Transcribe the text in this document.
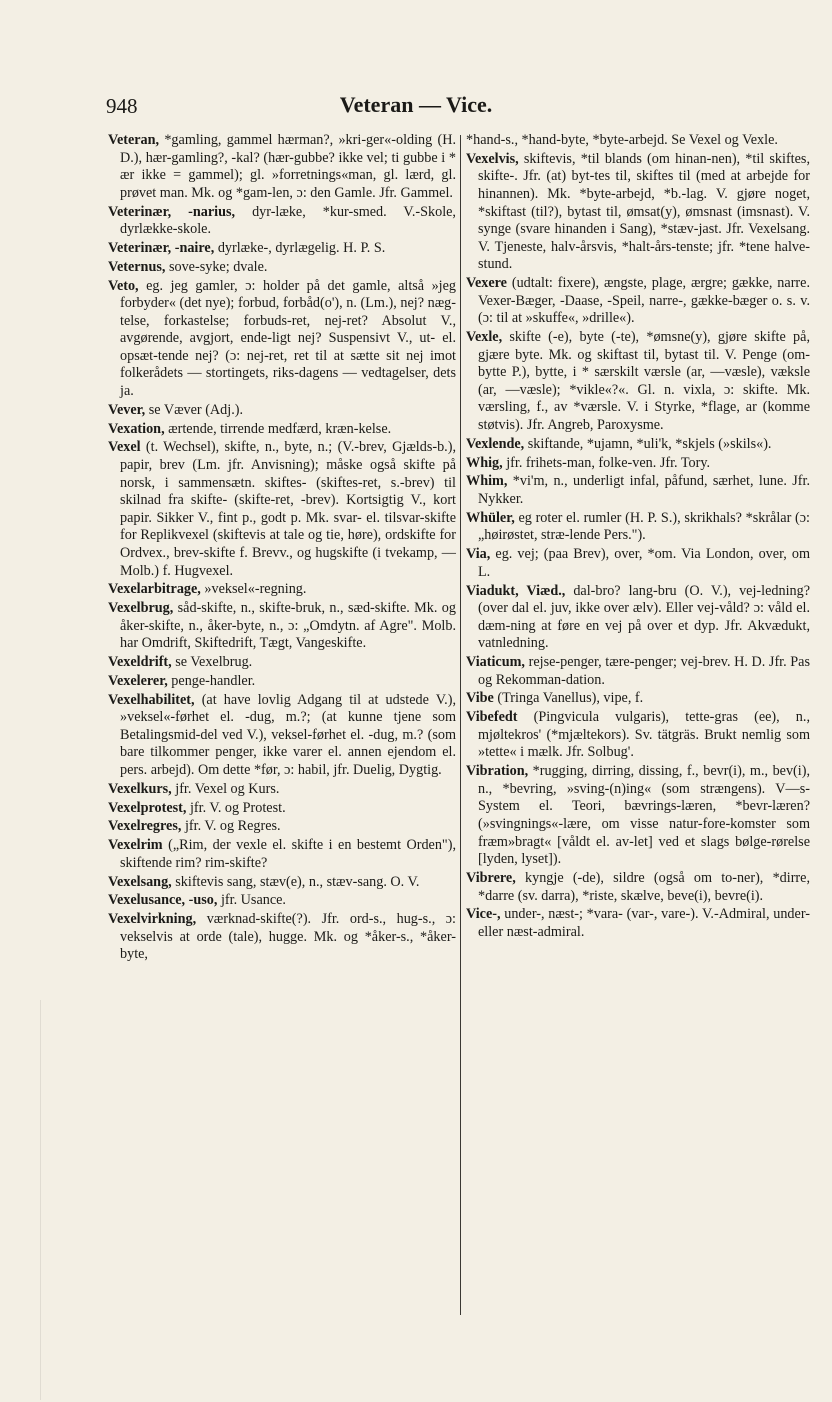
948	Veteran — Vice.

Veteran, *gamling, gammel hærman?, »kri-ger«-olding (H. D.), hær-gamling?, -kal? (hær-gubbe? ikke vel; ti gubbe i * ær ikke = gammel); gl. »forretnings«man, gl. lærd, gl. prøvet man. Mk. og *gam-len, ɔ: den Gamle. Jfr. Gammel.

Veterinær, -narius, dyr-læke, *kur-smed. V.-Skole, dyrlække-skole.

Veterinær, -naire, dyrlæke-, dyrlægelig. H. P. S.

Veternus, sove-syke; dvale.

Veto, eg. jeg gamler, ɔ: holder på det gamle, altså »jeg forbyder« (det nye); forbud, forbåd(o'), n. (Lm.), nej? næg-telse, forkastelse; forbuds-ret, nej-ret? Absolut V., avgørende, avgjort, ende-ligt nej? Suspensivt V., ut- el. opsæt-tende nej? (ɔ: nej-ret, ret til at sætte sit nej imot folkerådets — stortingets, riks-dagens — vedtagelser, dets ja.

Vever, se Væver (Adj.).

Vexation, ærtende, tirrende medfærd, kræn-kelse.

Vexel (t. Wechsel), skifte, n., byte, n.; (V.-brev, Gjælds-b.), papir, brev (Lm. jfr. Anvisning); måske også skifte på norsk, i sammensætn. skiftes- (skiftes-ret, s.-brev) til skilnad fra skifte- (skifte-ret, -brev). Kortsigtig V., kort papir. Sikker V., fint p., godt p. Mk. svar- el. tilsvar-skifte for Replikvexel (skiftevis at tale og tie, høre), ordskifte for Ordvex., brev-skifte f. Brevv., og hugskifte (i tvekamp, — Molb.) f. Hugvexel.

Vexelarbitrage, »veksel«-regning.

Vexelbrug, såd-skifte, n., skifte-bruk, n., sæd-skifte. Mk. og åker-skifte, n., åker-byte, n., ɔ: „Omdytn. af Agre". Molb. har Omdrift, Skiftedrift, Tægt, Vangeskifte.

Vexeldrift, se Vexelbrug.

Vexelerer, penge-handler.

Vexelhabilitet, (at have lovlig Adgang til at udstede V.), »veksel«-førhet el. -dug, m.?; (at kunne tjene som Betalingsmid-del ved V.), veksel-førhet el. -dug, m.? (som bare tilkommer penger, ikke varer el. annen ejendom el. pers. arbejd). Om dette *før, ɔ: habil, jfr. Duelig, Dygtig.

Vexelkurs, jfr. Vexel og Kurs.

Vexelprotest, jfr. V. og Protest.

Vexelregres, jfr. V. og Regres.

Vexelrim („Rim, der vexle el. skifte i en bestemt Orden"), skiftende rim? rim-skifte?

Vexelsang, skiftevis sang, stæv(e), n., stæv-sang. O. V.

Vexelusance, -uso, jfr. Usance.

Vexelvirkning, værknad-skifte(?). Jfr. ord-s., hug-s., ɔ: vekselvis at orde (tale), hugge. Mk. og *åker-s., *åker-byte,

*hand-s., *hand-byte, *byte-arbejd. Se Vexel og Vexle.

Vexelvis, skiftevis, *til blands (om hinan-nen), *til skiftes, skifte-. Jfr. (at) byt-tes til, skiftes til (med at arbejde for hinannen). Mk. *byte-arbejd, *b.-lag. V. gjøre noget, *skiftast (til?), bytast til, ømsat(y), ømsnast (imsnast). V. synge (svare hinanden i Sang), *stæv-jast. Jfr. Vexelsang. V. Tjeneste, halv-årsvis, *halt-års-tenste; jfr. *tene halve-stund.

Vexere (udtalt: fixere), ængste, plage, ærgre; gække, narre. Vexer-Bæger, -Daase, -Speil, narre-, gække-bæger o. s. v. (ɔ: til at »skuffe«, »drille«).

Vexle, skifte (-e), byte (-te), *ømsne(y), gjøre skifte på, gjære byte. Mk. og skiftast til, bytast til. V. Penge (om-bytte P.), bytte, i * særskilt værsle (ar, —væsle), væksle (ar, —væsle); *vikle«?«. Gl. n. vixla, ɔ: skifte. Mk. værsling, f., av *værsle. V. i Styrke, *flage, ar (komme støtvis). Jfr. Angreb, Paroxysme.

Vexlende, skiftande, *ujamn, *uli'k, *skjels (»skils«).

Whig, jfr. frihets-man, folke-ven. Jfr. Tory.

Whim, *vi'm, n., underligt infal, påfund, særhet, lune. Jfr. Nykker.

Whüler, eg roter el. rumler (H. P. S.), skrikhals? *skrålar (ɔ: „høirøstet, stræ-lende Pers.").

Via, eg. vej; (paa Brev), over, *om. Via London, over, om L.

Viadukt, Viæd., dal-bro? lang-bru (O. V.), vej-ledning? (over dal el. juv, ikke over ælv). Eller vej-våld? ɔ: våld el. dæm-ning at føre en vej på over et dyp. Jfr. Akvædukt, vatnledning.

Viaticum, rejse-penger, tære-penger; vej-brev. H. D. Jfr. Pas og Rekomman-dation.

Vibe (Tringa Vanellus), vipe, f.

Vibefedt (Pingvicula vulgaris), tette-gras (ee), n., mjøltekros' (*mjæltekors). Sv. tätgräs. Brukt nemlig som »tette« i mælk. Jfr. Solbug'.

Vibration, *rugging, dirring, dissing, f., bevr(i), m., bev(i), n., *bevring, »sving-(n)ing« (som strængens). V—s-System el. Teori, bævrings-læren, *bevr-læren? (»svingnings«-lære, om visse natur-fore-komster som fræm»bragt« [våldt el. av-let] ved et slags bølge-rørelse [lyden, lyset]).

Vibrere, kyngje (-de), sildre (også om to-ner), *dirre, *darre (sv. darra), *riste, skælve, beve(i), bevre(i).

Vice-, under-, næst-; *vara- (var-, vare-). V.-Admiral, under- eller næst-admiral.
